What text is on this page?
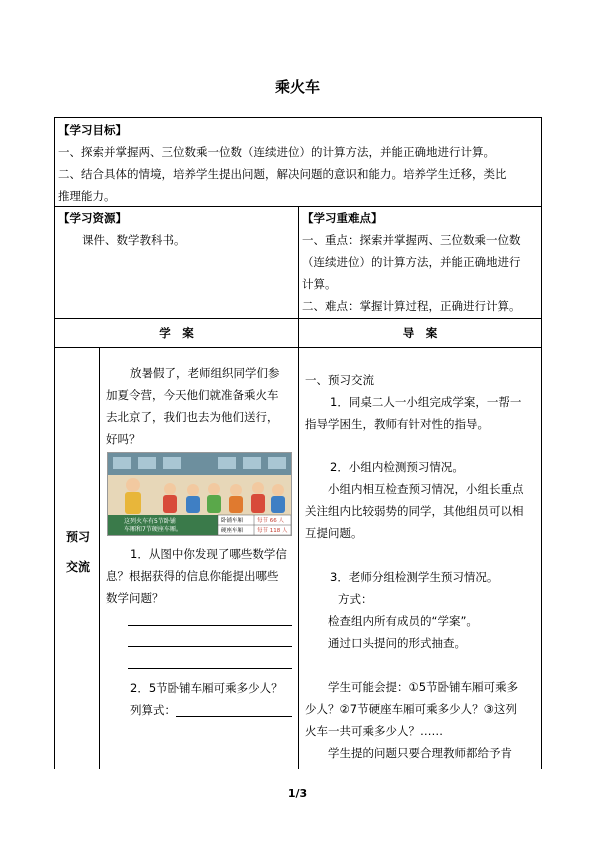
乘火车
【学习目标】
一、探索并掌握两、三位数乘一位数（连续进位）的计算方法，并能正确地进行计算。
二、结合具体的情境，培养学生提出问题，解决问题的意识和能力。培养学生迁移，类比
推理能力。
【学习资源】
课件、数学教科书。
【学习重难点】
一、重点：探索并掌握两、三位数乘一位数
（连续进位）的计算方法，并能正确地进行
计算。
二、难点：掌握计算过程，正确进行计算。
学　案	导　案
预习
交流
放暑假了，老师组织同学们参
加夏令营，今天他们就准备乘火车
去北京了，我们也去为他们送行，
好吗？
这列火车有5节卧铺
车厢和7节硬座车厢。
卧铺车厢	每节 66 人
硬座车厢	每节 118 人
1．从图中你发现了哪些数学信
息？根据获得的信息你能提出哪些
数学问题？
2．5节卧铺车厢可乘多少人？
列算式：
一、预习交流
1．同桌二人一小组完成学案，一帮一
指导学困生，教师有针对性的指导。
2．小组内检测预习情况。
小组内相互检查预习情况，小组长重点
关注组内比较弱势的同学，其他组员可以相
互提问题。
3．老师分组检测学生预习情况。
方式：
检查组内所有成员的“学案”。
通过口头提问的形式抽查。
学生可能会提：①5节卧铺车厢可乘多
少人？②7节硬座车厢可乘多少人？③这列
火车一共可乘多少人？……
学生提的问题只要合理教师都给予肯
1/3
